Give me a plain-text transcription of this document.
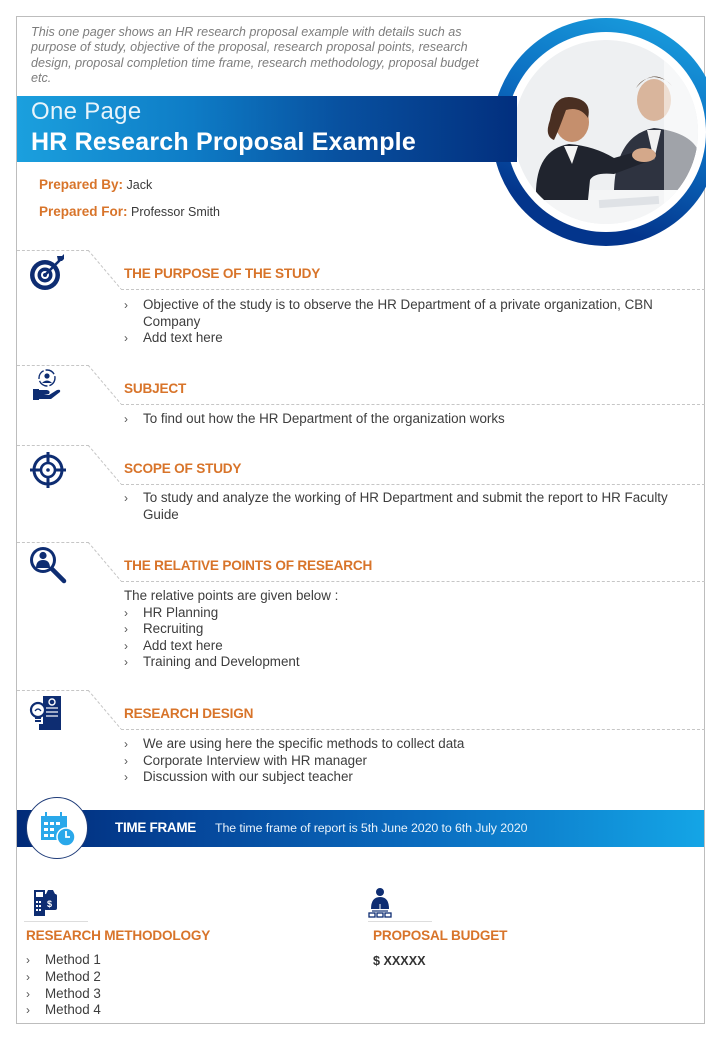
This one pager shows an HR research proposal example with details such as purpose of study, objective of the proposal, research proposal points, research design, proposal completion time frame, research methodology, proposal budget etc.
One Page
HR Research Proposal Example
Prepared By: Jack
Prepared For: Professor Smith
THE PURPOSE OF THE STUDY
› Objective of the study is to observe the HR Department of a private organization, CBN Company
› Add text here
SUBJECT
› To find out how the HR Department of the organization works
SCOPE OF STUDY
› To study and analyze the working of HR Department and submit the report to HR Faculty Guide
THE RELATIVE POINTS OF RESEARCH
The relative points are given below :
› HR Planning
› Recruiting
› Add text here
› Training and Development
RESEARCH DESIGN
› We are using here the specific methods to collect data
› Corporate Interview with HR manager
› Discussion with our subject teacher
TIME FRAME The time frame of report is 5th June 2020 to 6th July 2020
$
RESEARCH METHODOLOGY
› Method 1
› Method 2
› Method 3
› Method 4
PROPOSAL BUDGET
$ XXXXX
